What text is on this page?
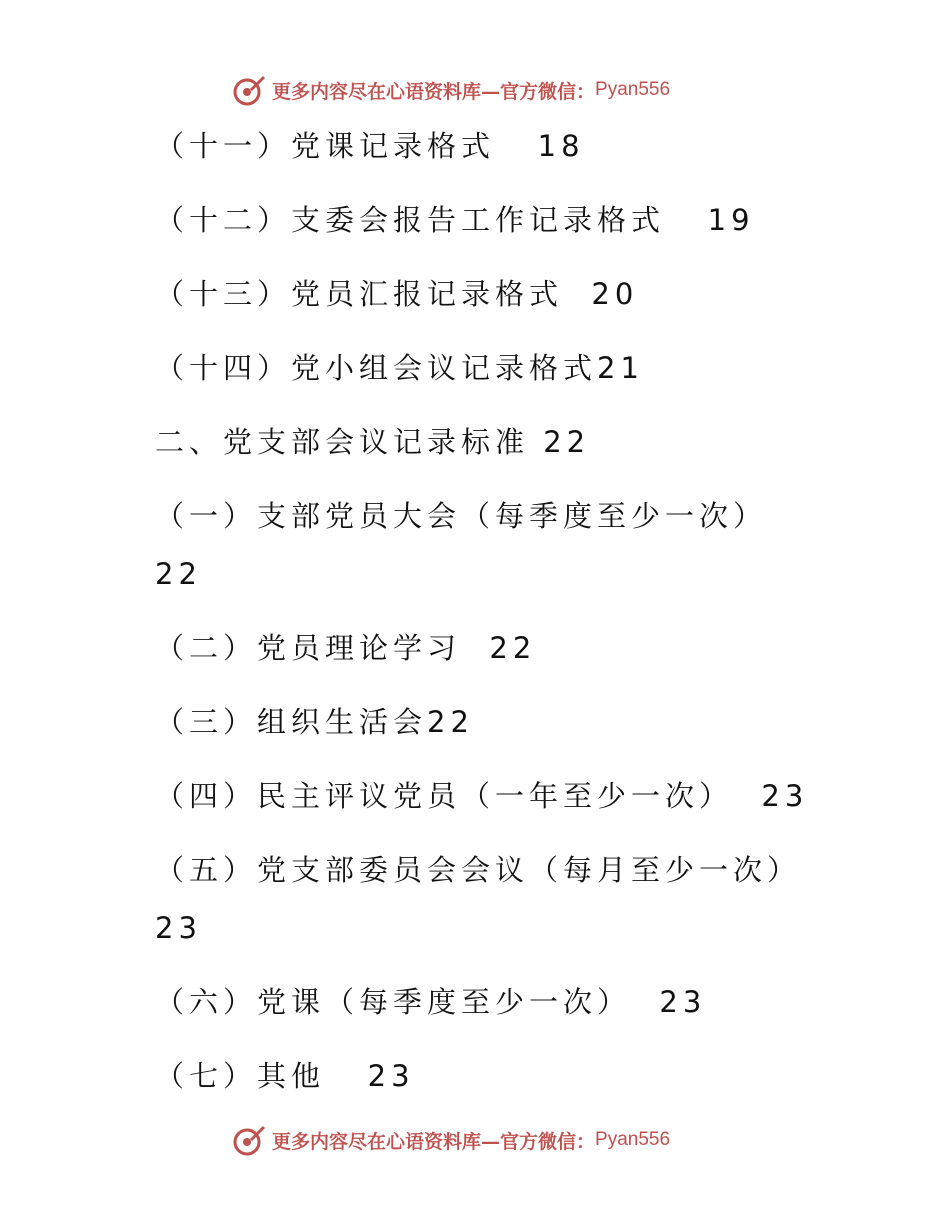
更多内容尽在心语资料库—官方微信： Pyan556
（十一）党课记录格式   18
（十二）支委会报告工作记录格式   19
（十三）党员汇报记录格式  20
（十四）党小组会议记录格式21
二、党支部会议记录标准 22
（一）支部党员大会（每季度至少一次）
22
（二）党员理论学习  22
（三）组织生活会22
（四）民主评议党员（一年至少一次）  23
（五）党支部委员会会议（每月至少一次）
23
（六）党课（每季度至少一次）  23
（七）其他   23
更多内容尽在心语资料库—官方微信： Pyan556
